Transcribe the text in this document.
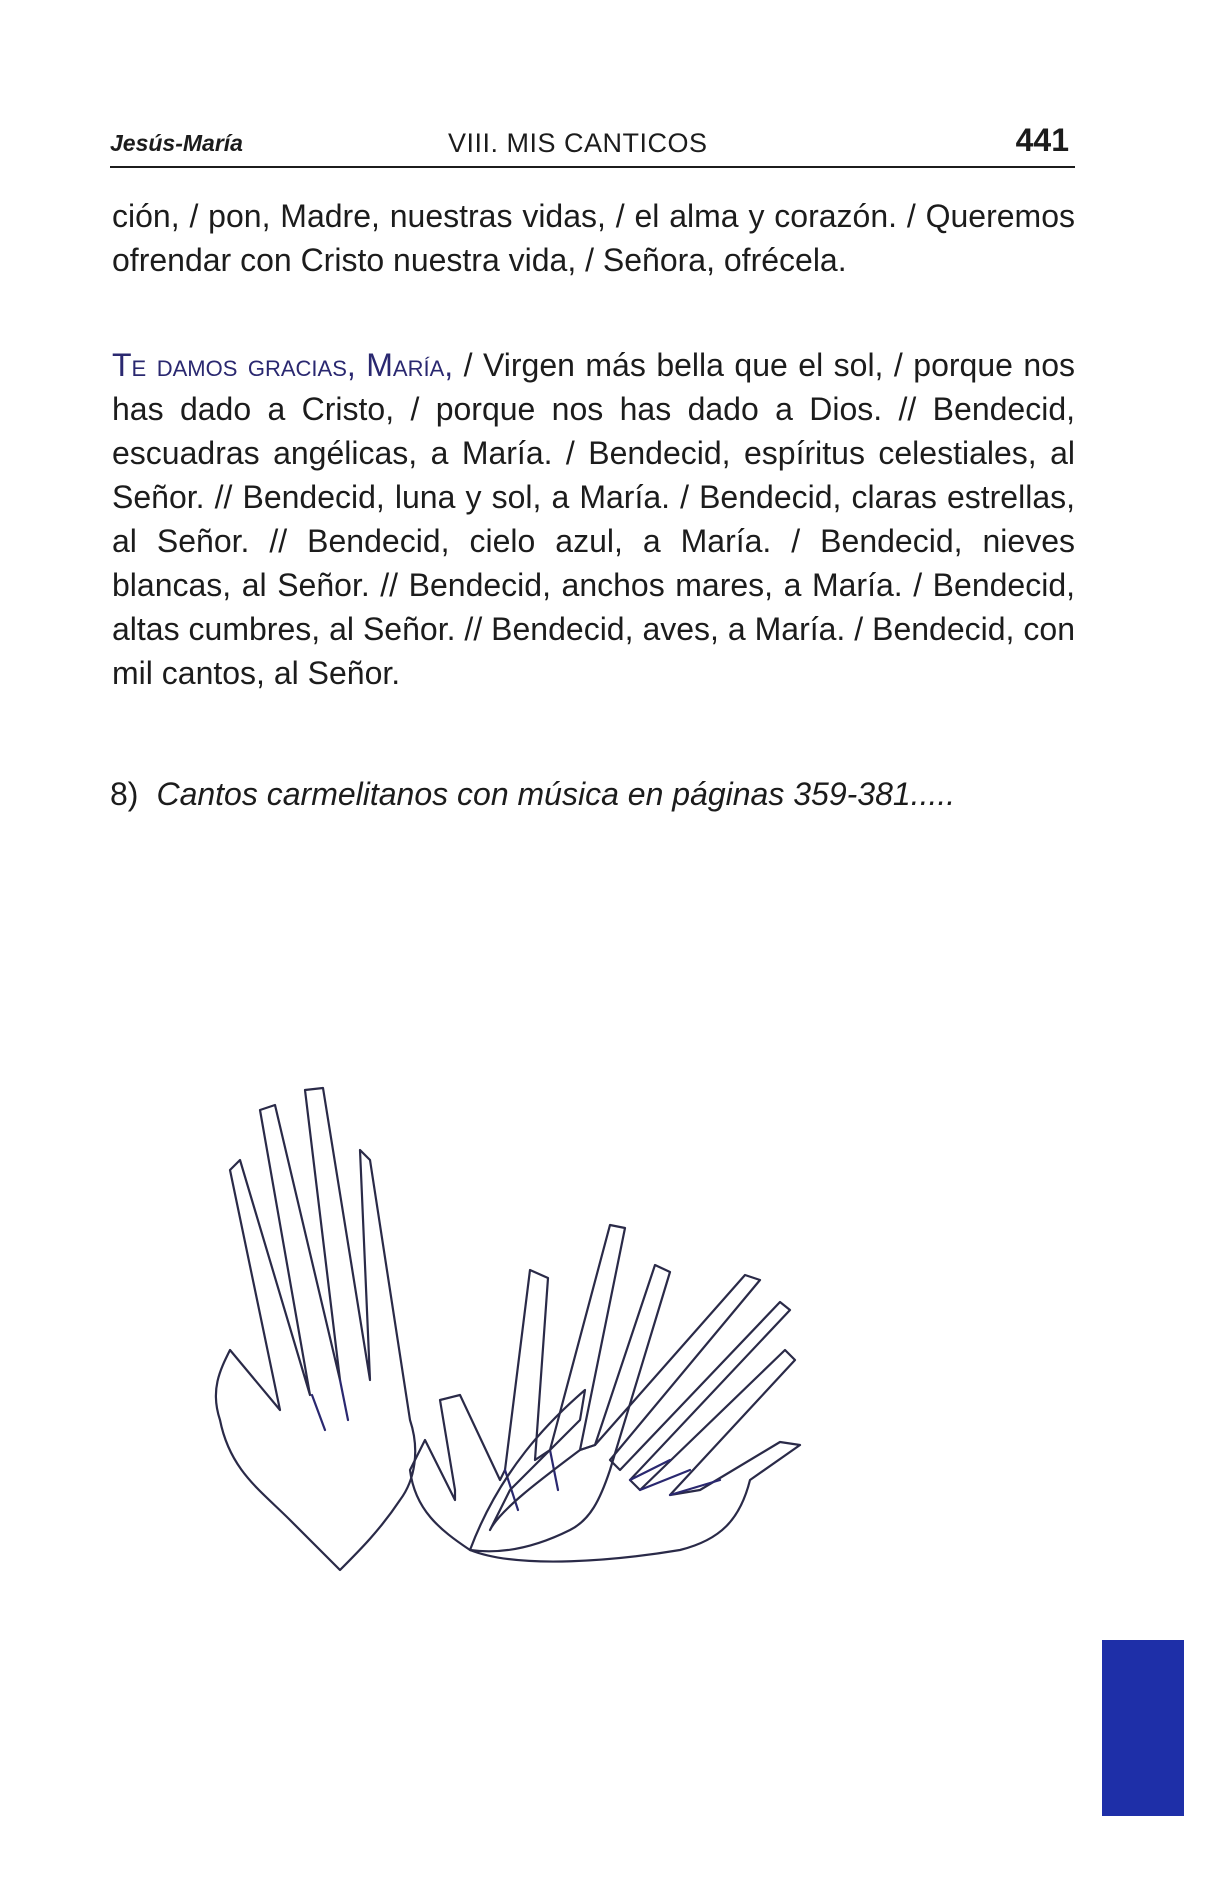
Jesús-María	VIII. MIS CANTICOS	441

ción, / pon, Madre, nuestras vidas, / el alma y corazón. / Queremos ofrendar con Cristo nuestra vida, / Señora, ofrécela.

Te damos gracias, María, / Virgen más bella que el sol, / porque nos has dado a Cristo, / porque nos has dado a Dios. // Bendecid, escuadras angélicas, a María. / Bendecid, espíritus celestiales, al Señor. // Bendecid, luna y sol, a María. / Bendecid, claras estrellas, al Señor. // Bendecid, cielo azul, a María. / Bendecid, nieves blancas, al Señor. // Bendecid, anchos mares, a María. / Bendecid, altas cumbres, al Señor. // Bendecid, aves, a María. / Bendecid, con mil cantos, al Señor.

8) Cantos carmelitanos con música en páginas 359-381.....
